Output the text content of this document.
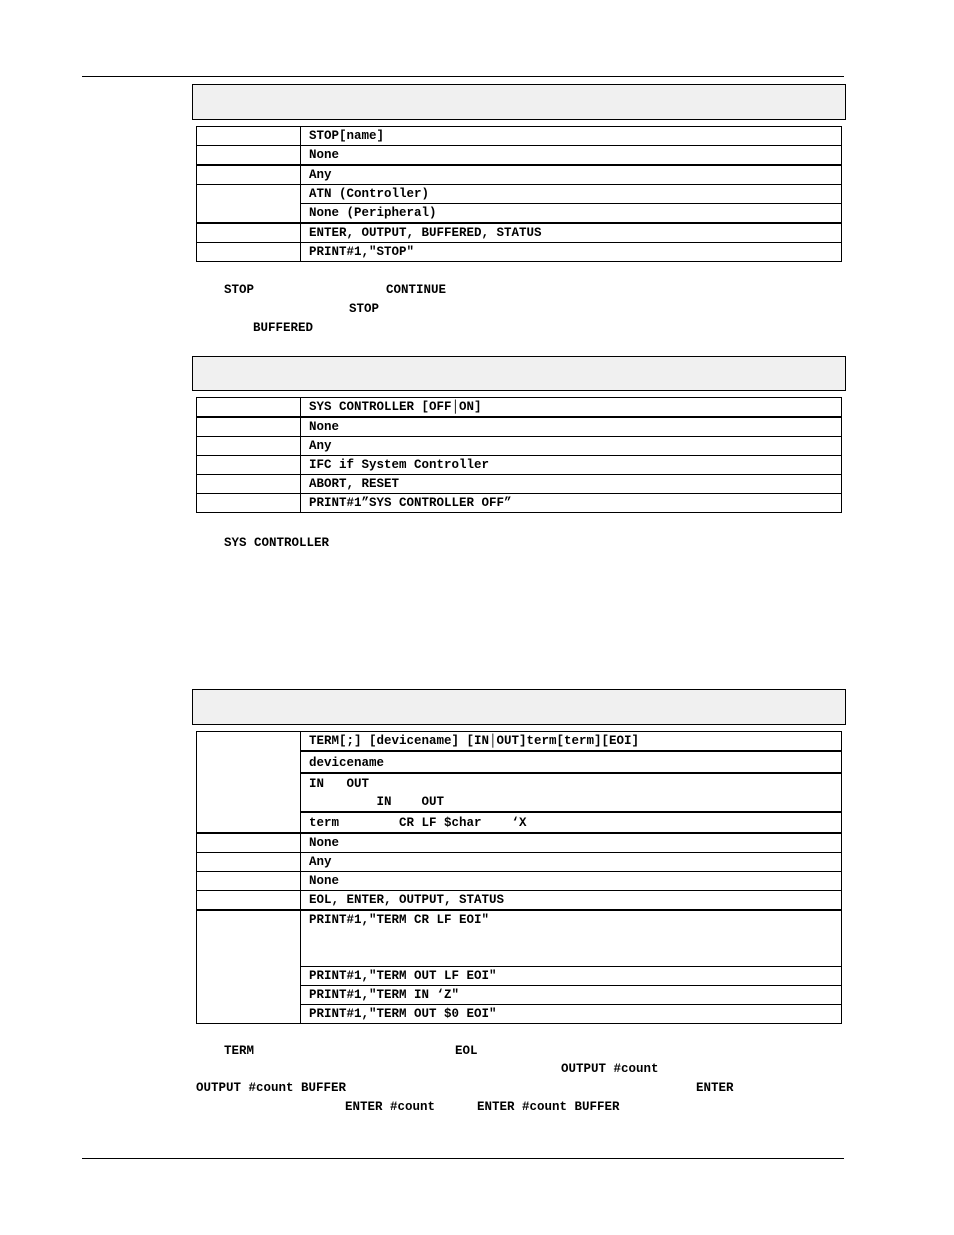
	STOP[name]
	None
	Any
	ATN (Controller)
	None (Peripheral)
	ENTER, OUTPUT, BUFFERED, STATUS
	PRINT#1,"STOP"
STOP	CONTINUE
STOP
BUFFERED
	SYS CONTROLLER [OFF│ON]
	None
	Any
	IFC if System Controller
	ABORT, RESET
	PRINT#1”SYS CONTROLLER OFF”
SYS CONTROLLER
	TERM[;] [devicename] [IN│OUT]term[term][EOI]
	devicename
	IN   OUT
IN    OUT
	term        CR LF $char    ‘X
	None
	Any
	None
	EOL, ENTER, OUTPUT, STATUS
	PRINT#1,"TERM CR LF EOI"
	PRINT#1,"TERM OUT LF EOI"
	PRINT#1,"TERM IN ‘Z"
	PRINT#1,"TERM OUT $0 EOI"
TERM	EOL
OUTPUT #count
OUTPUT #count BUFFER	ENTER
ENTER #count	ENTER #count BUFFER
